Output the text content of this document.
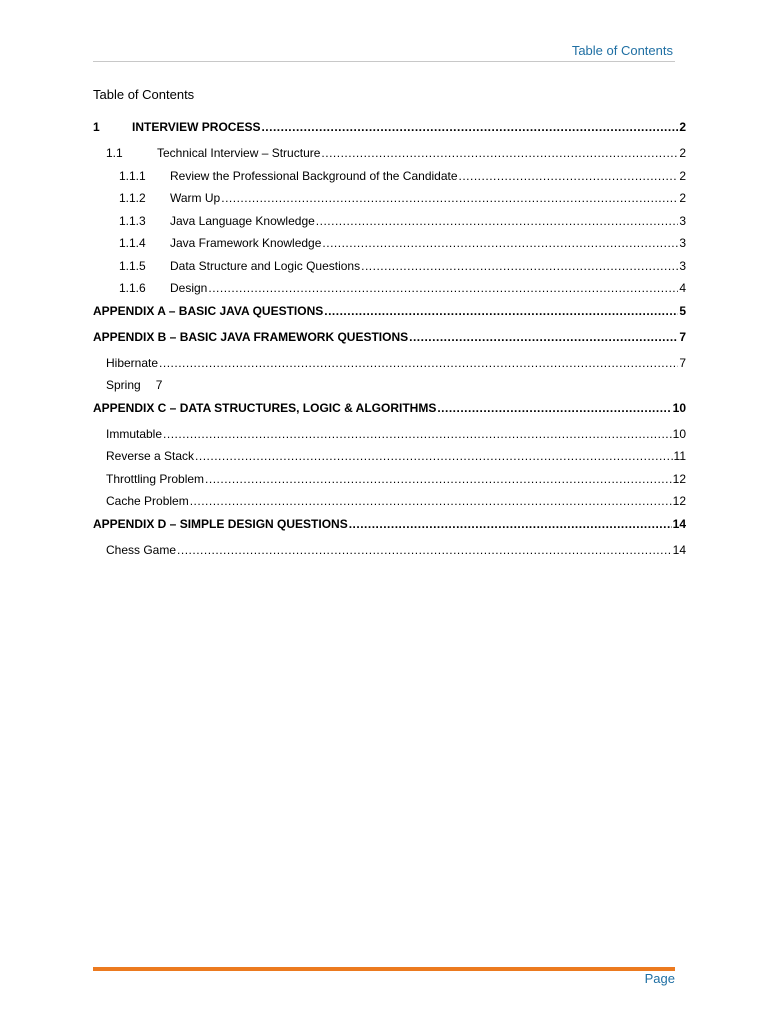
Table of Contents
Table of Contents
1	INTERVIEW PROCESS .....	2
1.1	Technical Interview – Structure .....	2
1.1.1	Review the Professional Background of the Candidate .....	2
1.1.2	Warm Up .....	2
1.1.3	Java Language Knowledge .....	3
1.1.4	Java Framework Knowledge .....	3
1.1.5	Data Structure and Logic Questions .....	3
1.1.6	Design .....	4
APPENDIX A – BASIC JAVA QUESTIONS .....	5
APPENDIX B – BASIC JAVA FRAMEWORK QUESTIONS .....	7
Hibernate .....	7
Spring 7
APPENDIX C – DATA STRUCTURES, LOGIC & ALGORITHMS .....	10
Immutable .....	10
Reverse a Stack .....	11
Throttling Problem .....	12
Cache Problem .....	12
APPENDIX D – SIMPLE DESIGN QUESTIONS .....	14
Chess Game .....	14
Page
